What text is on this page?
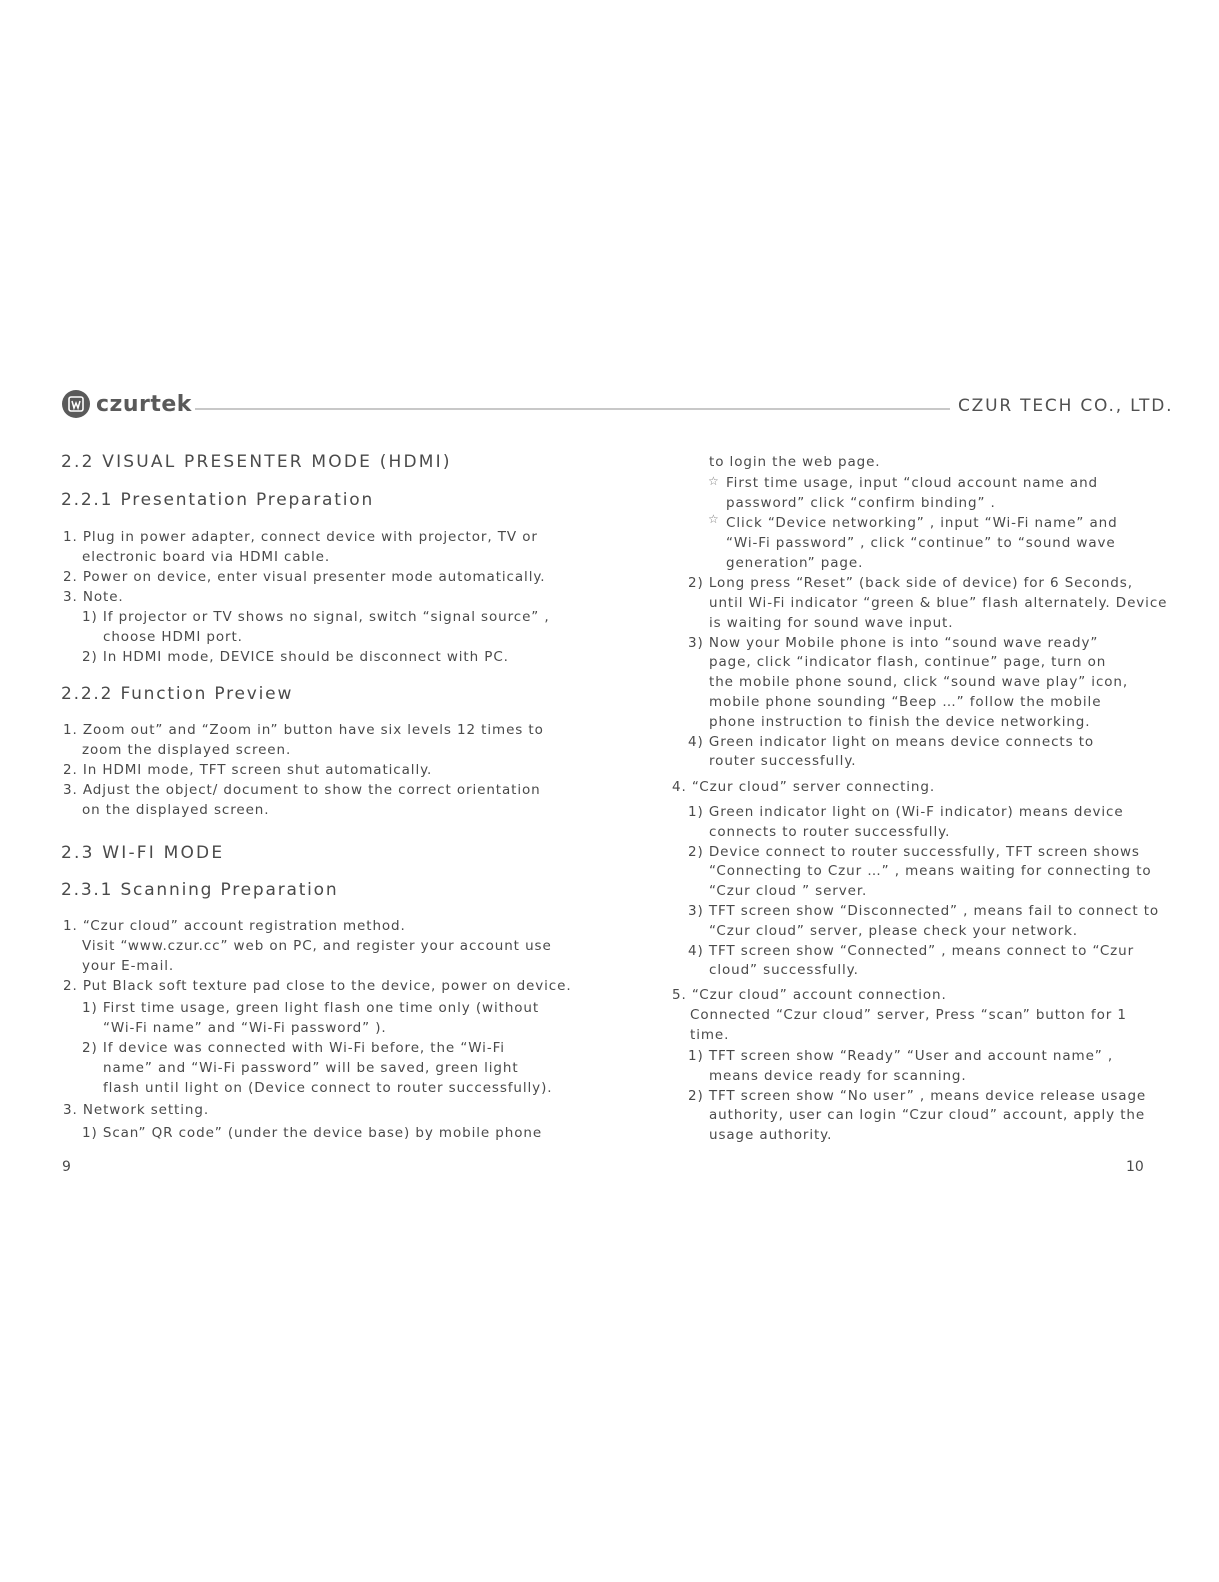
czurtek	CZUR TECH CO., LTD.
2.2 VISUAL PRESENTER MODE (HDMI)
2.2.1 Presentation Preparation
1. Plug in power adapter, connect device with projector, TV or
electronic board via HDMI cable.
2. Power on device, enter visual presenter mode automatically.
3. Note.
1) If projector or TV shows no signal, switch “signal source” ,
choose HDMI port.
2) In HDMI mode, DEVICE should be disconnect with PC.
2.2.2 Function Preview
1. Zoom out” and “Zoom in” button have six levels 12 times to
zoom the displayed screen.
2. In HDMI mode, TFT screen shut automatically.
3. Adjust the object/ document to show the correct orientation
on the displayed screen.
2.3 WI-FI MODE
2.3.1 Scanning Preparation
1. “Czur cloud” account registration method.
Visit “www.czur.cc” web on PC, and register your account use
your E-mail.
2. Put Black soft texture pad close to the device, power on device.
1) First time usage, green light flash one time only (without
“Wi-Fi name” and “Wi-Fi password” ).
2) If device was connected with Wi-Fi before, the “Wi-Fi
name” and “Wi-Fi password” will be saved, green light
flash until light on (Device connect to router successfully).
3. Network setting.
1) Scan” QR code” (under the device base) by mobile phone
9
to login the web page.
☆ First time usage, input “cloud account name and
password” click “confirm binding” .
☆ Click “Device networking” , input “Wi-Fi name” and
“Wi-Fi password” , click “continue” to “sound wave
generation” page.
2) Long press “Reset” (back side of device) for 6 Seconds,
until Wi-Fi indicator “green & blue” flash alternately. Device
is waiting for sound wave input.
3) Now your Mobile phone is into “sound wave ready”
page, click “indicator flash, continue” page, turn on
the mobile phone sound, click “sound wave play” icon,
mobile phone sounding “Beep …” follow the mobile
phone instruction to finish the device networking.
4) Green indicator light on means device connects to
router successfully.
4. “Czur cloud” server connecting.
1) Green indicator light on (Wi-F indicator) means device
connects to router successfully.
2) Device connect to router successfully, TFT screen shows
“Connecting to Czur …” , means waiting for connecting to
“Czur cloud ” server.
3) TFT screen show “Disconnected” , means fail to connect to
“Czur cloud” server, please check your network.
4) TFT screen show “Connected” , means connect to “Czur
cloud” successfully.
5. “Czur cloud” account connection.
Connected “Czur cloud” server, Press “scan” button for 1
time.
1) TFT screen show “Ready” “User and account name” ,
means device ready for scanning.
2) TFT screen show “No user” , means device release usage
authority, user can login “Czur cloud” account, apply the
usage authority.
10
